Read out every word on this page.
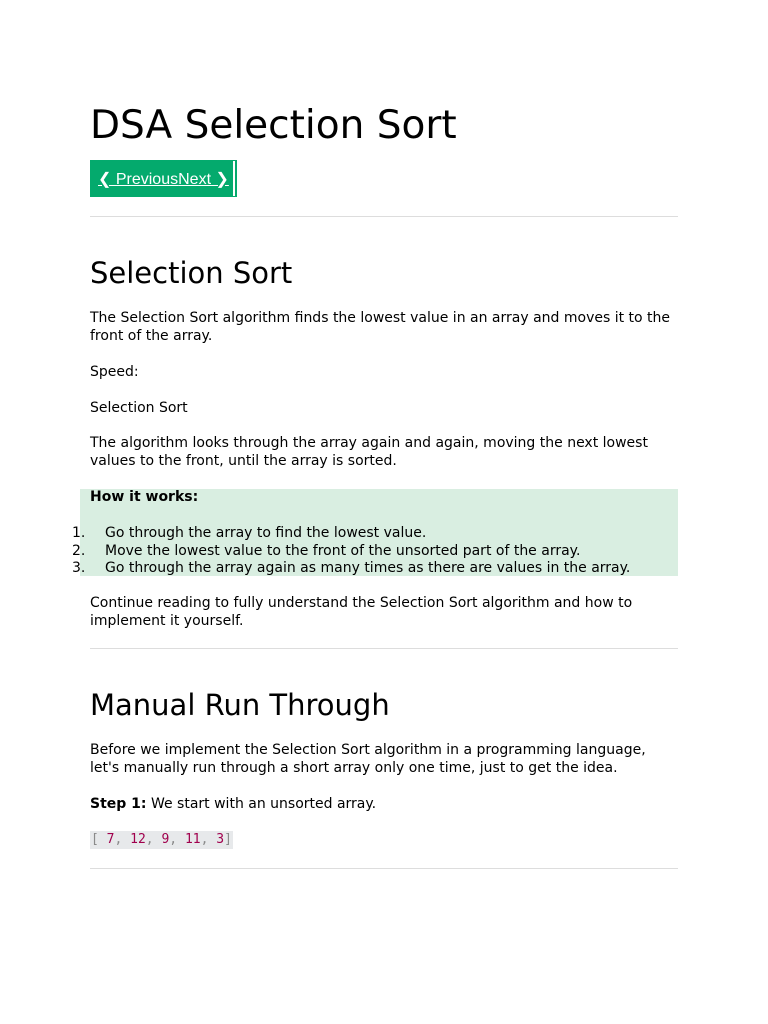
DSA Selection Sort
❮ Previous Next ❯
Selection Sort

The Selection Sort algorithm finds the lowest value in an array and moves it to the front of the array.

Speed:

Selection Sort

The algorithm looks through the array again and again, moving the next lowest values to the front, until the array is sorted.

How it works:
1.	Go through the array to find the lowest value.
2.	Move the lowest value to the front of the unsorted part of the array.
3.	Go through the array again as many times as there are values in the array.

Continue reading to fully understand the Selection Sort algorithm and how to implement it yourself.

Manual Run Through

Before we implement the Selection Sort algorithm in a programming language, let's manually run through a short array only one time, just to get the idea.

Step 1: We start with an unsorted array.

[ 7, 12, 9, 11, 3]
